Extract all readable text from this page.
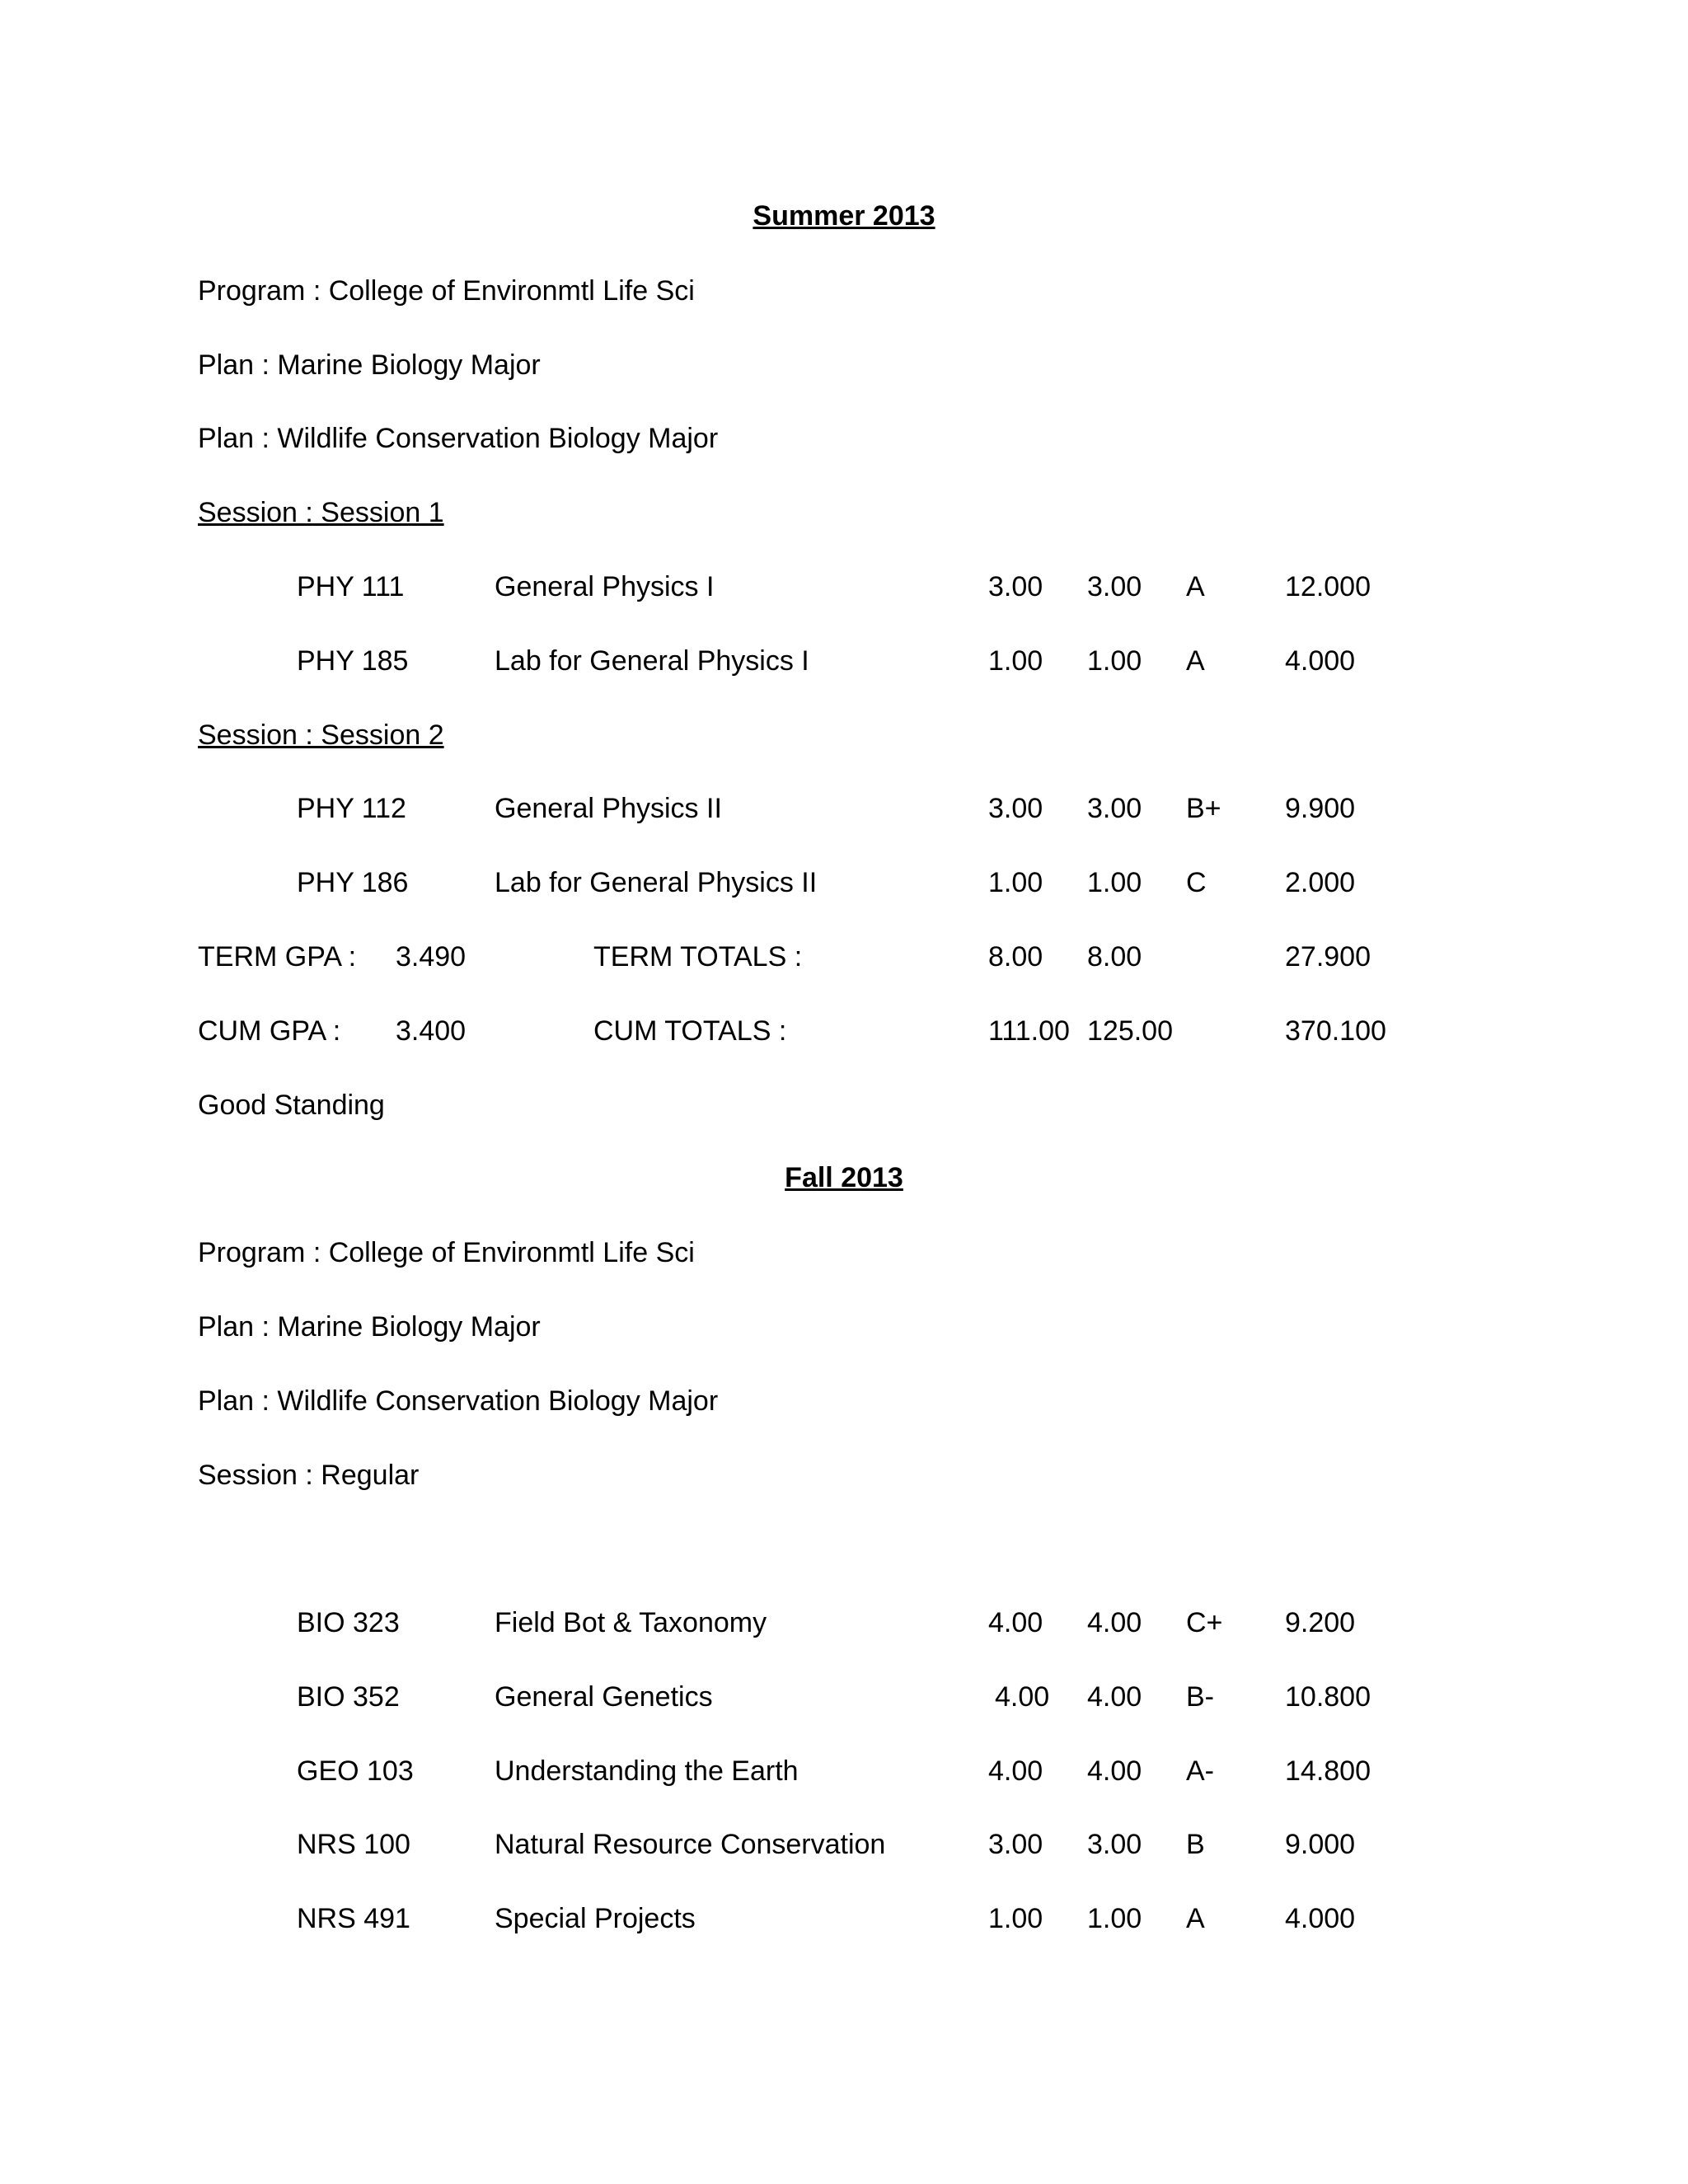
Summer 2013
Program : College of Environmtl Life Sci
Plan : Marine Biology Major
Plan : Wildlife Conservation Biology Major
Session : Session 1
PHY 111	General Physics I	3.00 3.00 A	12.000
PHY 185	Lab for General Physics I	1.00 1.00 A	4.000
Session : Session 2
PHY 112	General Physics II	3.00 3.00 B+ 9.900
PHY 186	Lab for General Physics II	1.00 1.00 C	2.000
TERM GPA : 3.490	TERM TOTALS :	8.00 8.00	27.900
CUM GPA : 3.400	CUM TOTALS :	111.00 125.00	370.100
Good Standing
Fall 2013
Program : College of Environmtl Life Sci
Plan : Marine Biology Major
Plan : Wildlife Conservation Biology Major
Session : Regular
BIO 323	Field Bot & Taxonomy	4.00 4.00 C+ 9.200
BIO 352	General Genetics	4.00 4.00 B-	10.800
GEO 103	Understanding the Earth	4.00 4.00 A-	14.800
NRS 100	Natural Resource Conservation	3.00 3.00 B	9.000
NRS 491	Special Projects	1.00 1.00 A	4.000
